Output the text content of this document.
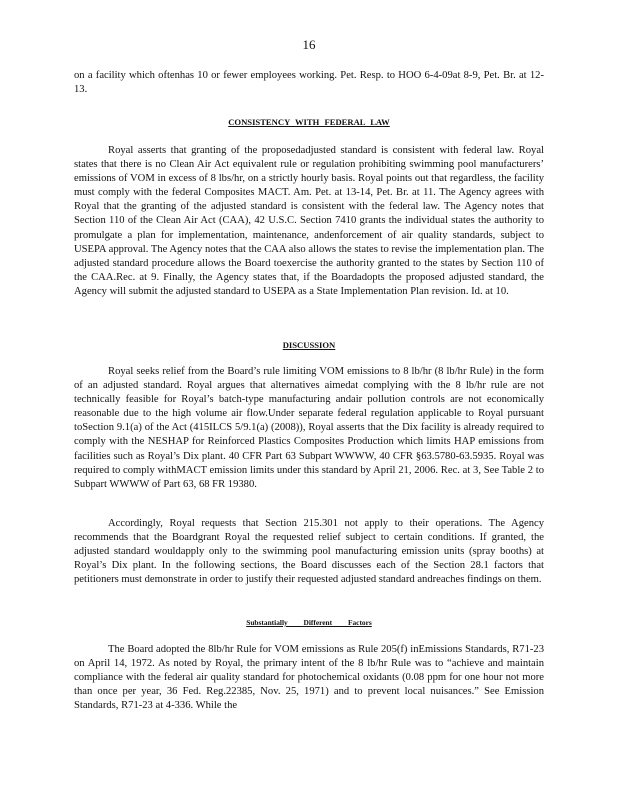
16

on a facility which oftenhas 10 or fewer employees working. Pet. Resp. to HOO 6-4-09at 8-9, Pet. Br. at 12-13.

CONSISTENCY WITH FEDERAL LAW

Royal asserts that granting of the proposedadjusted standard is consistent with federal law. Royal states that there is no Clean Air Act equivalent rule or regulation prohibiting swimming pool manufacturers’ emissions of VOM in excess of 8 lbs/hr, on a strictly hourly basis. Royal points out that regardless, the facility must comply with the federal Composites MACT. Am. Pet. at 13-14, Pet. Br. at 11. The Agency agrees with Royal that the granting of the adjusted standard is consistent with the federal law. The Agency notes that Section 110 of the Clean Air Act (CAA), 42 U.S.C. Section 7410 grants the individual states the authority to promulgate a plan for implementation, maintenance, andenforcement of air quality standards, subject to USEPA approval. The Agency notes that the CAA also allows the states to revise the implementation plan. The adjusted standard procedure allows the Board toexercise the authority granted to the states by Section 110 of the CAA.Rec. at 9. Finally, the Agency states that, if the Boardadopts the proposed adjusted standard, the Agency will submit the adjusted standard to USEPA as a State Implementation Plan revision. Id. at 10.

DISCUSSION

Royal seeks relief from the Board’s rule limiting VOM emissions to 8 lb/hr (8 lb/hr Rule) in the form of an adjusted standard. Royal argues that alternatives aimedat complying with the 8 lb/hr rule are not technically feasible for Royal’s batch-type manufacturing andair pollution controls are not economically reasonable due to the high volume air flow.Under separate federal regulation applicable to Royal pursuant toSection 9.1(a) of the Act (415ILCS 5/9.1(a) (2008)), Royal asserts that the Dix facility is already required to comply with the NESHAP for Reinforced Plastics Composites Production which limits HAP emissions from facilities such as Royal’s Dix plant. 40 CFR Part 63 Subpart WWWW, 40 CFR §63.5780-63.5935. Royal was required to comply withMACT emission limits under this standard by April 21, 2006. Rec. at 3, See Table 2 to Subpart WWWW of Part 63, 68 FR 19380.

Accordingly, Royal requests that Section 215.301 not apply to their operations. The Agency recommends that the Boardgrant Royal the requested relief subject to certain conditions. If granted, the adjusted standard wouldapply only to the swimming pool manufacturing emission units (spray booths) at Royal’s Dix plant. In the following sections, the Board discusses each of the Section 28.1 factors that petitioners must demonstrate in order to justify their requested adjusted standard andreaches findings on them.

Substantially Different Factors

The Board adopted the 8lb/hr Rule for VOM emissions as Rule 205(f) inEmissions Standards, R71-23 on April 14, 1972. As noted by Royal, the primary intent of the 8 lb/hr Rule was to “achieve and maintain compliance with the federal air quality standard for photochemical oxidants (0.08 ppm for one hour not more than once per year, 36 Fed. Reg.22385, Nov. 25, 1971) and to prevent local nuisances.” See Emission Standards, R71-23 at 4-336. While the
